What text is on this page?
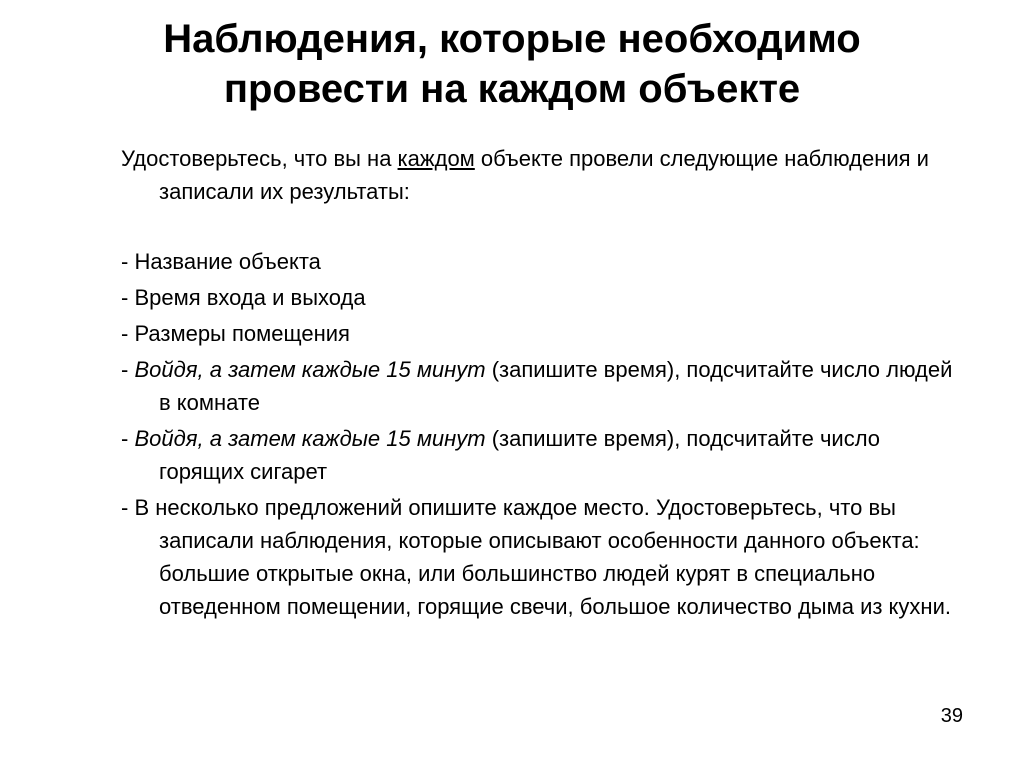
Наблюдения, которые необходимо
провести на каждом объекте

Удостоверьтесь, что вы на каждом объекте провели следующие наблюдения и записали их результаты:

- Название объекта

- Время входа и выхода

- Размеры помещения

- Войдя, а затем каждые 15 минут (запишите время), подсчитайте число людей в комнате

- Войдя, а затем каждые 15 минут (запишите время), подсчитайте число горящих сигарет

- В несколько предложений опишите каждое место. Удостоверьтесь, что вы записали наблюдения, которые описывают особенности данного объекта: большие открытые окна, или большинство людей курят в специально отведенном помещении, горящие свечи, большое количество дыма из кухни.

39
